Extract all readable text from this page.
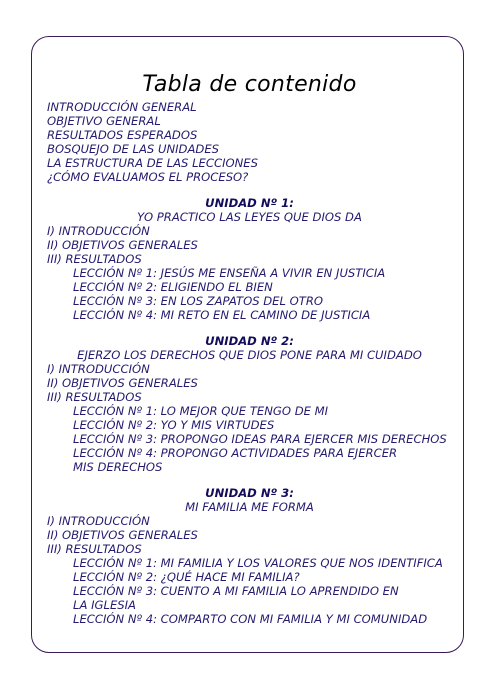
Tabla de contenido
INTRODUCCIÓN GENERAL
OBJETIVO GENERAL
RESULTADOS ESPERADOS
BOSQUEJO DE LAS UNIDADES
LA ESTRUCTURA DE LAS LECCIONES
¿CÓMO EVALUAMOS EL PROCESO?
UNIDAD Nº 1:
YO PRACTICO LAS LEYES QUE DIOS DA
I) INTRODUCCIÓN
II) OBJETIVOS GENERALES
III) RESULTADOS
LECCIÓN Nº 1: JESÚS ME ENSEÑA A VIVIR EN JUSTICIA
LECCIÓN Nº 2: ELIGIENDO EL BIEN
LECCIÓN Nº 3: EN LOS ZAPATOS DEL OTRO
LECCIÓN Nº 4: MI RETO EN EL CAMINO DE JUSTICIA
UNIDAD Nº 2:
EJERZO LOS DERECHOS QUE DIOS PONE PARA MI CUIDADO
I) INTRODUCCIÓN
II) OBJETIVOS GENERALES
III) RESULTADOS
LECCIÓN Nº 1: LO MEJOR QUE TENGO DE MI
LECCIÓN Nº 2: YO Y MIS VIRTUDES
LECCIÓN Nº 3: PROPONGO IDEAS PARA EJERCER MIS DERECHOS
LECCIÓN Nº 4: PROPONGO ACTIVIDADES PARA EJERCER MIS DERECHOS
UNIDAD Nº 3:
MI FAMILIA ME FORMA
I) INTRODUCCIÓN
II) OBJETIVOS GENERALES
III) RESULTADOS
LECCIÓN Nº 1: MI FAMILIA Y LOS VALORES QUE NOS IDENTIFICA
LECCIÓN Nº 2: ¿QUÉ HACE MI FAMILIA?
LECCIÓN Nº 3: CUENTO A MI FAMILIA LO APRENDIDO EN LA IGLESIA
LECCIÓN Nº 4: COMPARTO CON MI FAMILIA Y MI COMUNIDAD
